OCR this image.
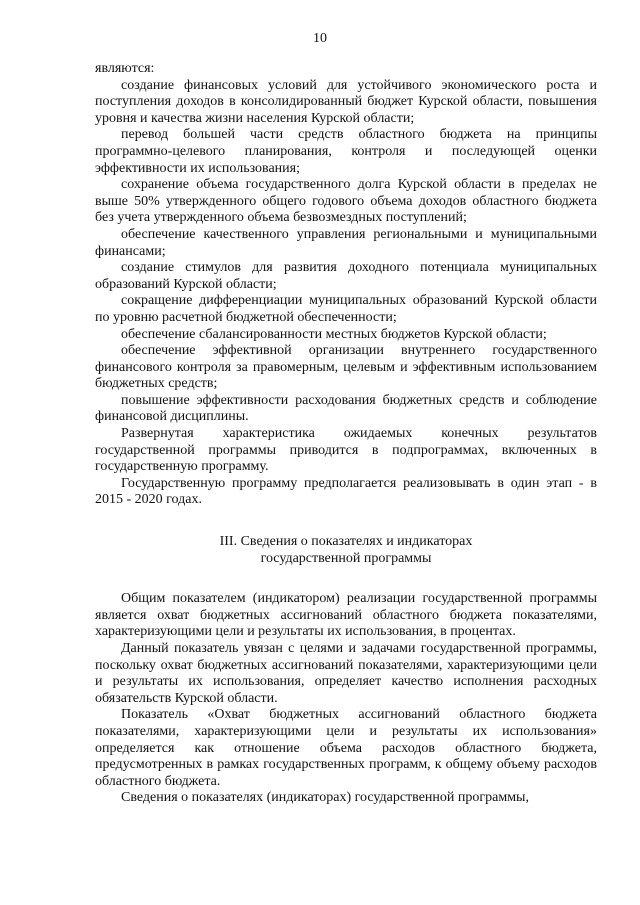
10

являются:

создание финансовых условий для устойчивого экономического роста и поступления доходов в консолидированный бюджет Курской области, повышения уровня и качества жизни населения Курской области;

перевод большей части средств областного бюджета на принципы программно-целевого планирования, контроля и последующей оценки эффективности их использования;

сохранение объема государственного долга Курской области в пределах не выше 50% утвержденного общего годового объема доходов областного бюджета без учета утвержденного объема безвозмездных поступлений;

обеспечение качественного управления региональными и муниципальными финансами;

создание стимулов для развития доходного потенциала муниципальных образований Курской области;

сокращение дифференциации муниципальных образований Курской области по уровню расчетной бюджетной обеспеченности;

обеспечение сбалансированности местных бюджетов Курской области;

обеспечение эффективной организации внутреннего государственного финансового контроля за правомерным, целевым и эффективным использованием бюджетных средств;

повышение эффективности расходования бюджетных средств и соблюдение финансовой дисциплины.

Развернутая характеристика ожидаемых конечных результатов государственной программы приводится в подпрограммах, включенных в государственную программу.

Государственную программу предполагается реализовывать в один этап - в 2015 - 2020 годах.

III. Сведения о показателях и индикаторах
государственной программы

Общим показателем (индикатором) реализации государственной программы является охват бюджетных ассигнований областного бюджета показателями, характеризующими цели и результаты их использования, в процентах.

Данный показатель увязан с целями и задачами государственной программы, поскольку охват бюджетных ассигнований показателями, характеризующими цели и результаты их использования, определяет качество исполнения расходных обязательств Курской области.

Показатель «Охват бюджетных ассигнований областного бюджета показателями, характеризующими цели и результаты их использования» определяется как отношение объема расходов областного бюджета, предусмотренных в рамках государственных программ, к общему объему расходов областного бюджета.

Сведения о показателях (индикаторах) государственной программы,
